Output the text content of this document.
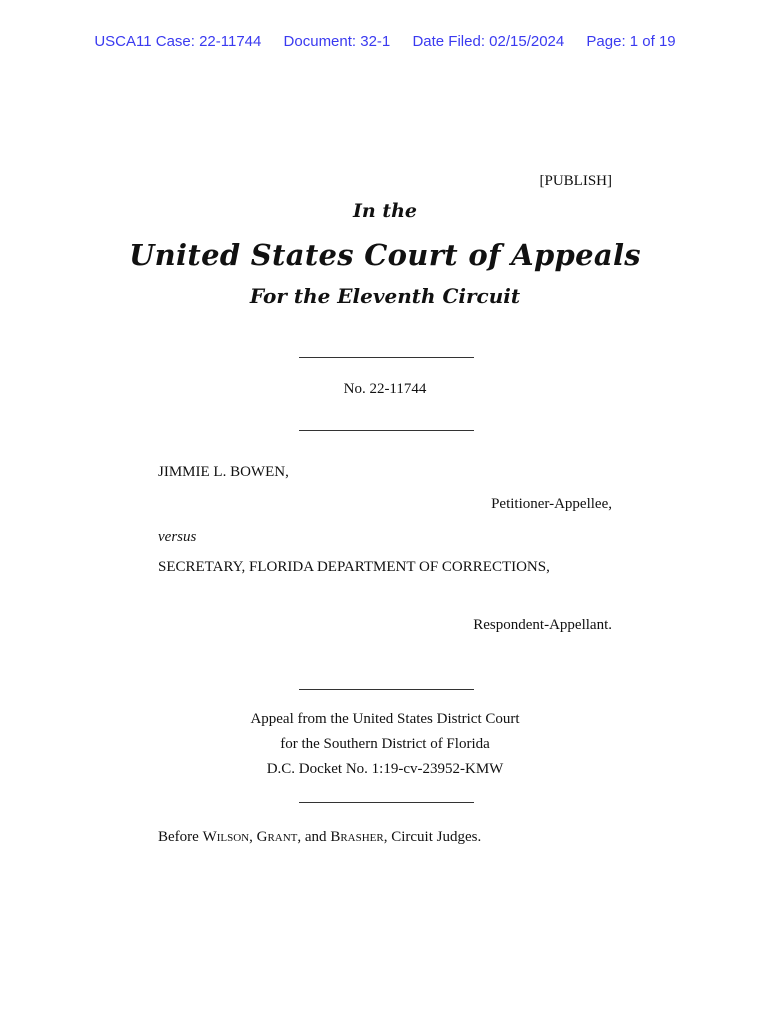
USCA11 Case: 22-11744 Document: 32-1 Date Filed: 02/15/2024 Page: 1 of 19
[PUBLISH]
In the
United States Court of Appeals
For the Eleventh Circuit
No. 22-11744
JIMMIE L. BOWEN,
Petitioner-Appellee,
versus
SECRETARY, FLORIDA DEPARTMENT OF CORRECTIONS,
Respondent-Appellant.
Appeal from the United States District Court
for the Southern District of Florida
D.C. Docket No. 1:19-cv-23952-KMW
Before Wilson, Grant, and Brasher, Circuit Judges.
